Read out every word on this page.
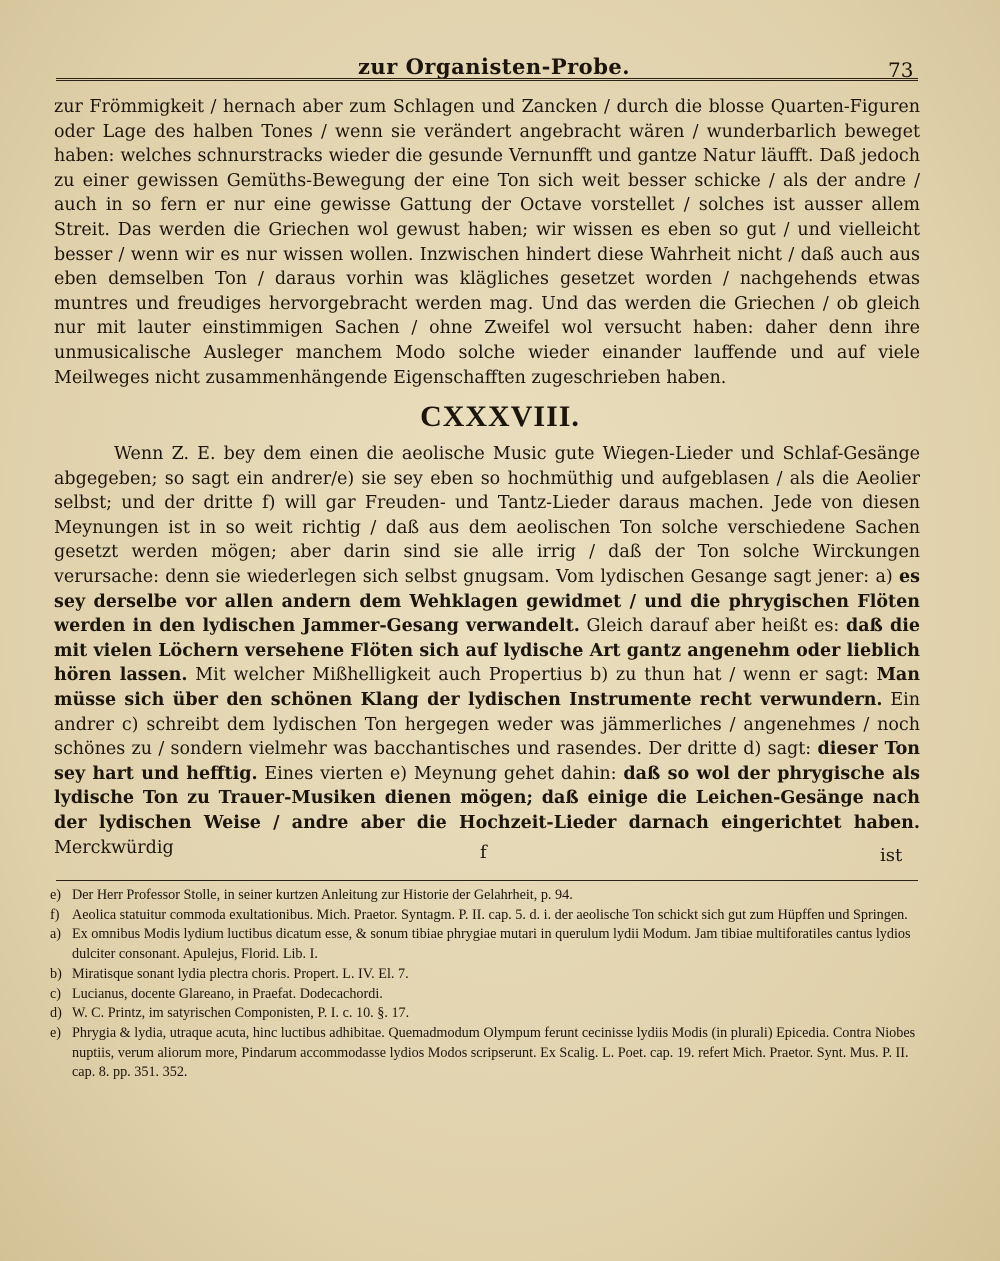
zur Organisten-Probe.	73

zur Frömmigkeit / hernach aber zum Schlagen und Zancken / durch die blosse Quarten-Figuren oder Lage des halben Tones / wenn sie verändert angebracht wären / wunderbarlich beweget haben: welches schnurstracks wieder die gesunde Vernunfft und gantze Natur läufft. Daß jedoch zu einer gewissen Gemüths-Bewegung der eine Ton sich weit besser schicke / als der andre / auch in so fern er nur eine gewisse Gattung der Octave vorstellet / solches ist ausser allem Streit. Das werden die Griechen wol gewust haben; wir wissen es eben so gut / und vielleicht besser / wenn wir es nur wissen wollen. Inzwischen hindert diese Wahrheit nicht / daß auch aus eben demselben Ton / daraus vorhin was klägliches gesetzet worden / nachgehends etwas muntres und freudiges hervorgebracht werden mag. Und das werden die Griechen / ob gleich nur mit lauter einstimmigen Sachen / ohne Zweifel wol versucht haben: daher denn ihre unmusicalische Ausleger manchem Modo solche wieder einander lauffende und auf viele Meilweges nicht zusammenhängende Eigenschafften zugeschrieben haben.

CXXXVIII.

Wenn Z. E. bey dem einen die aeolische Music gute Wiegen-Lieder und Schlaf-Gesänge abgegeben; so sagt ein andrer/e) sie sey eben so hochmüthig und aufgeblasen / als die Aeolier selbst; und der dritte f) will gar Freuden- und Tantz-Lieder daraus machen. Jede von diesen Meynungen ist in so weit richtig / daß aus dem aeolischen Ton solche verschiedene Sachen gesetzt werden mögen; aber darin sind sie alle irrig / daß der Ton solche Wirckungen verursache: denn sie wiederlegen sich selbst gnugsam. Vom lydischen Gesange sagt jener: a) es sey derselbe vor allen andern dem Wehklagen gewidmet / und die phrygischen Flöten werden in den lydischen Jammer-Gesang verwandelt. Gleich darauf aber heißt es: daß die mit vielen Löchern versehene Flöten sich auf lydische Art gantz angenehm oder lieblich hören lassen. Mit welcher Mißhelligkeit auch Propertius b) zu thun hat / wenn er sagt: Man müsse sich über den schönen Klang der lydischen Instrumente recht verwundern. Ein andrer c) schreibt dem lydischen Ton hergegen weder was jämmerliches / angenehmes / noch schönes zu / sondern vielmehr was bacchantisches und rasendes. Der dritte d) sagt: dieser Ton sey hart und hefftig. Eines vierten e) Meynung gehet dahin: daß so wol der phrygische als lydische Ton zu Trauer-Musiken dienen mögen; daß einige die Leichen-Gesänge nach der lydischen Weise / andre aber die Hochzeit-Lieder darnach eingerichtet haben. Merckwürdig	f	ist

e) Der Herr Professor Stolle, in seiner kurtzen Anleitung zur Historie der Gelahrheit, p. 94.

f) Aeolica statuitur commoda exultationibus. Mich. Praetor. Syntagm. P. II. cap. 5. d. i. der aeolische Ton schickt sich gut zum Hüpffen und Springen.

a) Ex omnibus Modis lydium luctibus dicatum esse, & sonum tibiae phrygiae mutari in querulum lydii Modum. Jam tibiae multiforatiles cantus lydios dulciter consonant. Apulejus, Florid. Lib. I.

b) Miratisque sonant lydia plectra choris. Propert. L. IV. El. 7.

c) Lucianus, docente Glareano, in Praefat. Dodecachordi.

d) W. C. Printz, im satyrischen Componisten, P. I. c. 10. §. 17.

e) Phrygia & lydia, utraque acuta, hinc luctibus adhibitae. Quemadmodum Olympum ferunt cecinisse lydiis Modis (in plurali) Epicedia. Contra Niobes nuptiis, verum aliorum more, Pindarum accommodasse lydios Modos scripserunt. Ex Scalig. L. Poet. cap. 19. refert Mich. Praetor. Synt. Mus. P. II. cap. 8. pp. 351. 352.
